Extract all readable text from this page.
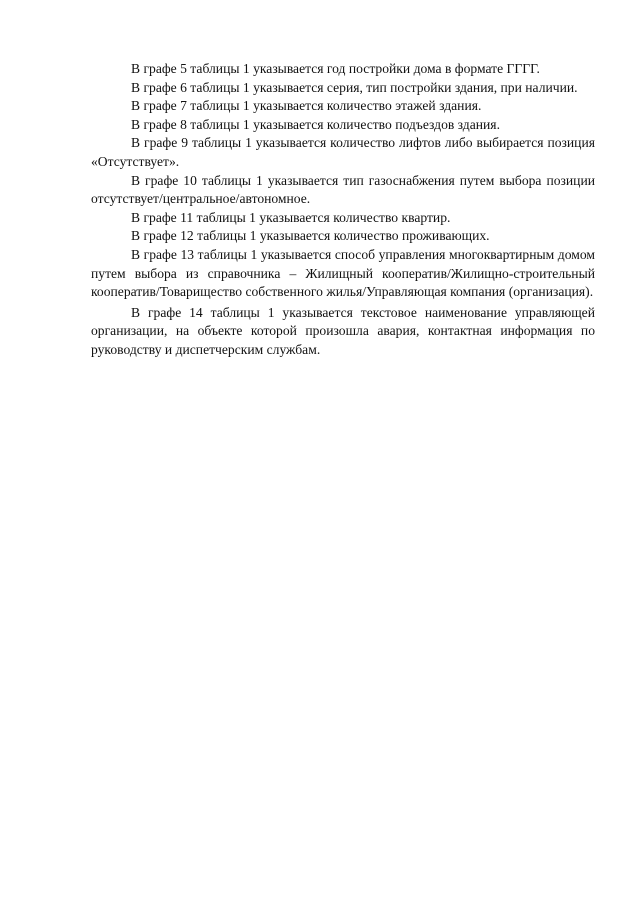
В графе 5 таблицы 1 указывается год постройки дома в формате ГГГГ.

В графе 6 таблицы 1 указывается серия, тип постройки здания, при наличии.

В графе 7 таблицы 1 указывается количество этажей здания.

В графе 8 таблицы 1 указывается количество подъездов здания.

В графе 9 таблицы 1 указывается количество лифтов либо выбирается позиция «Отсутствует».

В графе 10 таблицы 1 указывается тип газоснабжения путем выбора позиции отсутствует/центральное/автономное.

В графе 11 таблицы 1 указывается количество квартир.

В графе 12 таблицы 1 указывается количество проживающих.

В графе 13 таблицы 1 указывается способ управления многоквартирным домом путем выбора из справочника – Жилищный кооператив/Жилищно-строительный кооператив/Товарищество собственного жилья/Управляющая компания (организация).

В графе 14 таблицы 1 указывается текстовое наименование управляющей организации, на объекте которой произошла авария, контактная информация по руководству и диспетчерским службам.
